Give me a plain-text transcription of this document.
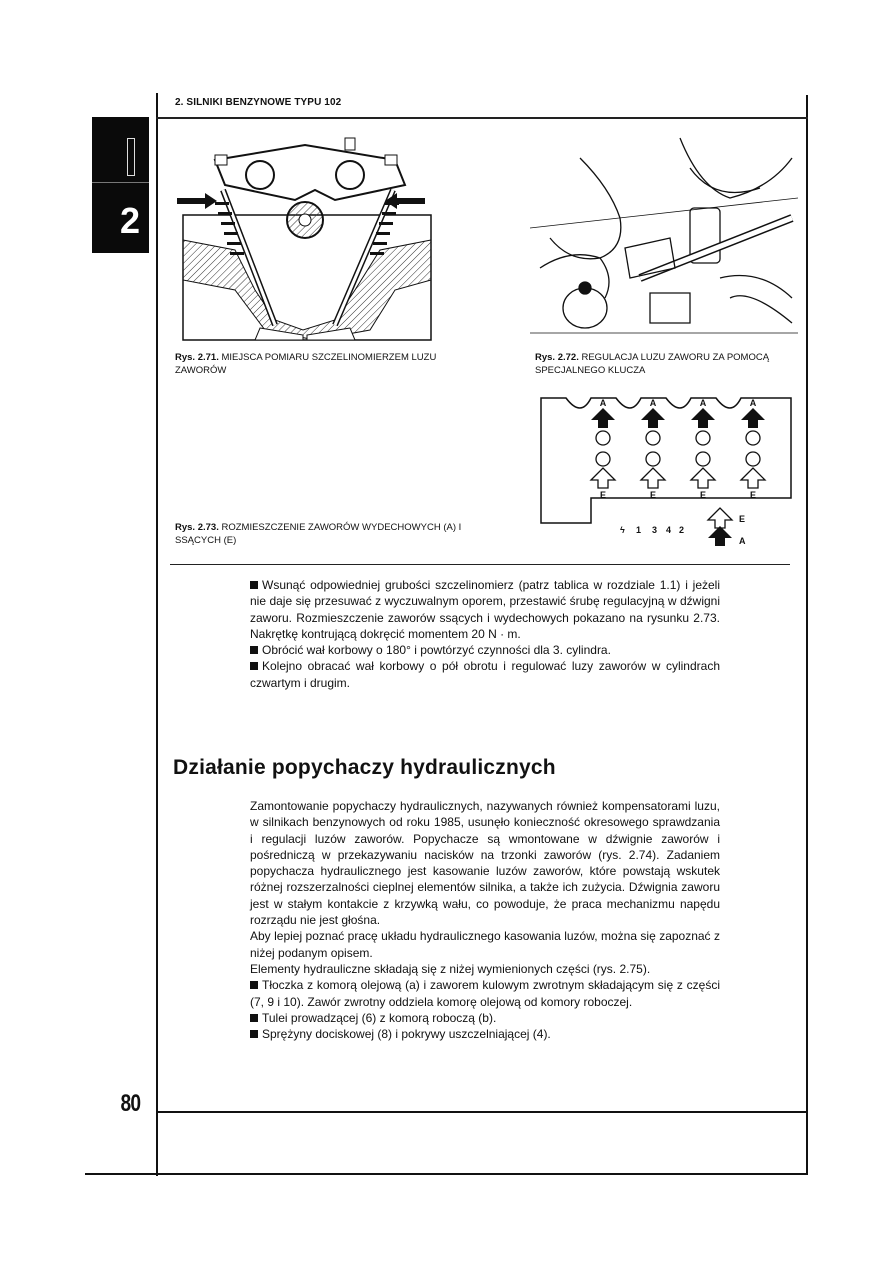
2. SILNIKI BENZYNOWE TYPU 102
2
Rys. 2.71. MIEJSCA POMIARU SZCZELINOMIERZEM LUZU ZAWORÓW
Rys. 2.72. REGULACJA LUZU ZAWORU ZA POMOCĄ SPECJALNEGO KLUCZA
A	A	A	A
E	E	E	E
ϟ 1 3 4 2
E
A
Rys. 2.73. ROZMIESZCZENIE ZAWORÓW WYDECHOWYCH (A) I SSĄCYCH (E)

Wsunąć odpowiedniej grubości szczelinomierz (patrz tablica w rozdziale 1.1) i jeżeli nie daje się przesuwać z wyczuwalnym oporem, przestawić śrubę regulacyjną w dźwigni zaworu. Rozmieszczenie zaworów ssących i wydechowych pokazano na rysunku 2.73. Nakrętkę kontrującą dokręcić momentem 20 N · m.

Obrócić wał korbowy o 180° i powtórzyć czynności dla 3. cylindra.

Kolejno obracać wał korbowy o pół obrotu i regulować luzy zaworów w cylindrach czwartym i drugim.

Działanie popychaczy hydraulicznych

Zamontowanie popychaczy hydraulicznych, nazywanych również kompensatorami luzu, w silnikach benzynowych od roku 1985, usunęło konieczność okresowego sprawdzania i regulacji luzów zaworów. Popychacze są wmontowane w dźwignie zaworów i pośredniczą w przekazywaniu nacisków na trzonki zaworów (rys. 2.74). Zadaniem popychacza hydraulicznego jest kasowanie luzów zaworów, które powstają wskutek różnej rozszerzalności cieplnej elementów silnika, a także ich zużycia. Dźwignia zaworu jest w stałym kontakcie z krzywką wału, co powoduje, że praca mechanizmu napędu rozrządu nie jest głośna.

Aby lepiej poznać pracę układu hydraulicznego kasowania luzów, można się zapoznać z niżej podanym opisem.

Elementy hydrauliczne składają się z niżej wymienionych części (rys. 2.75).

Tłoczka z komorą olejową (a) i zaworem kulowym zwrotnym składającym się z części (7, 9 i 10). Zawór zwrotny oddziela komorę olejową od komory roboczej.

Tulei prowadzącej (6) z komorą roboczą (b).

Sprężyny dociskowej (8) i pokrywy uszczelniającej (4).

80
